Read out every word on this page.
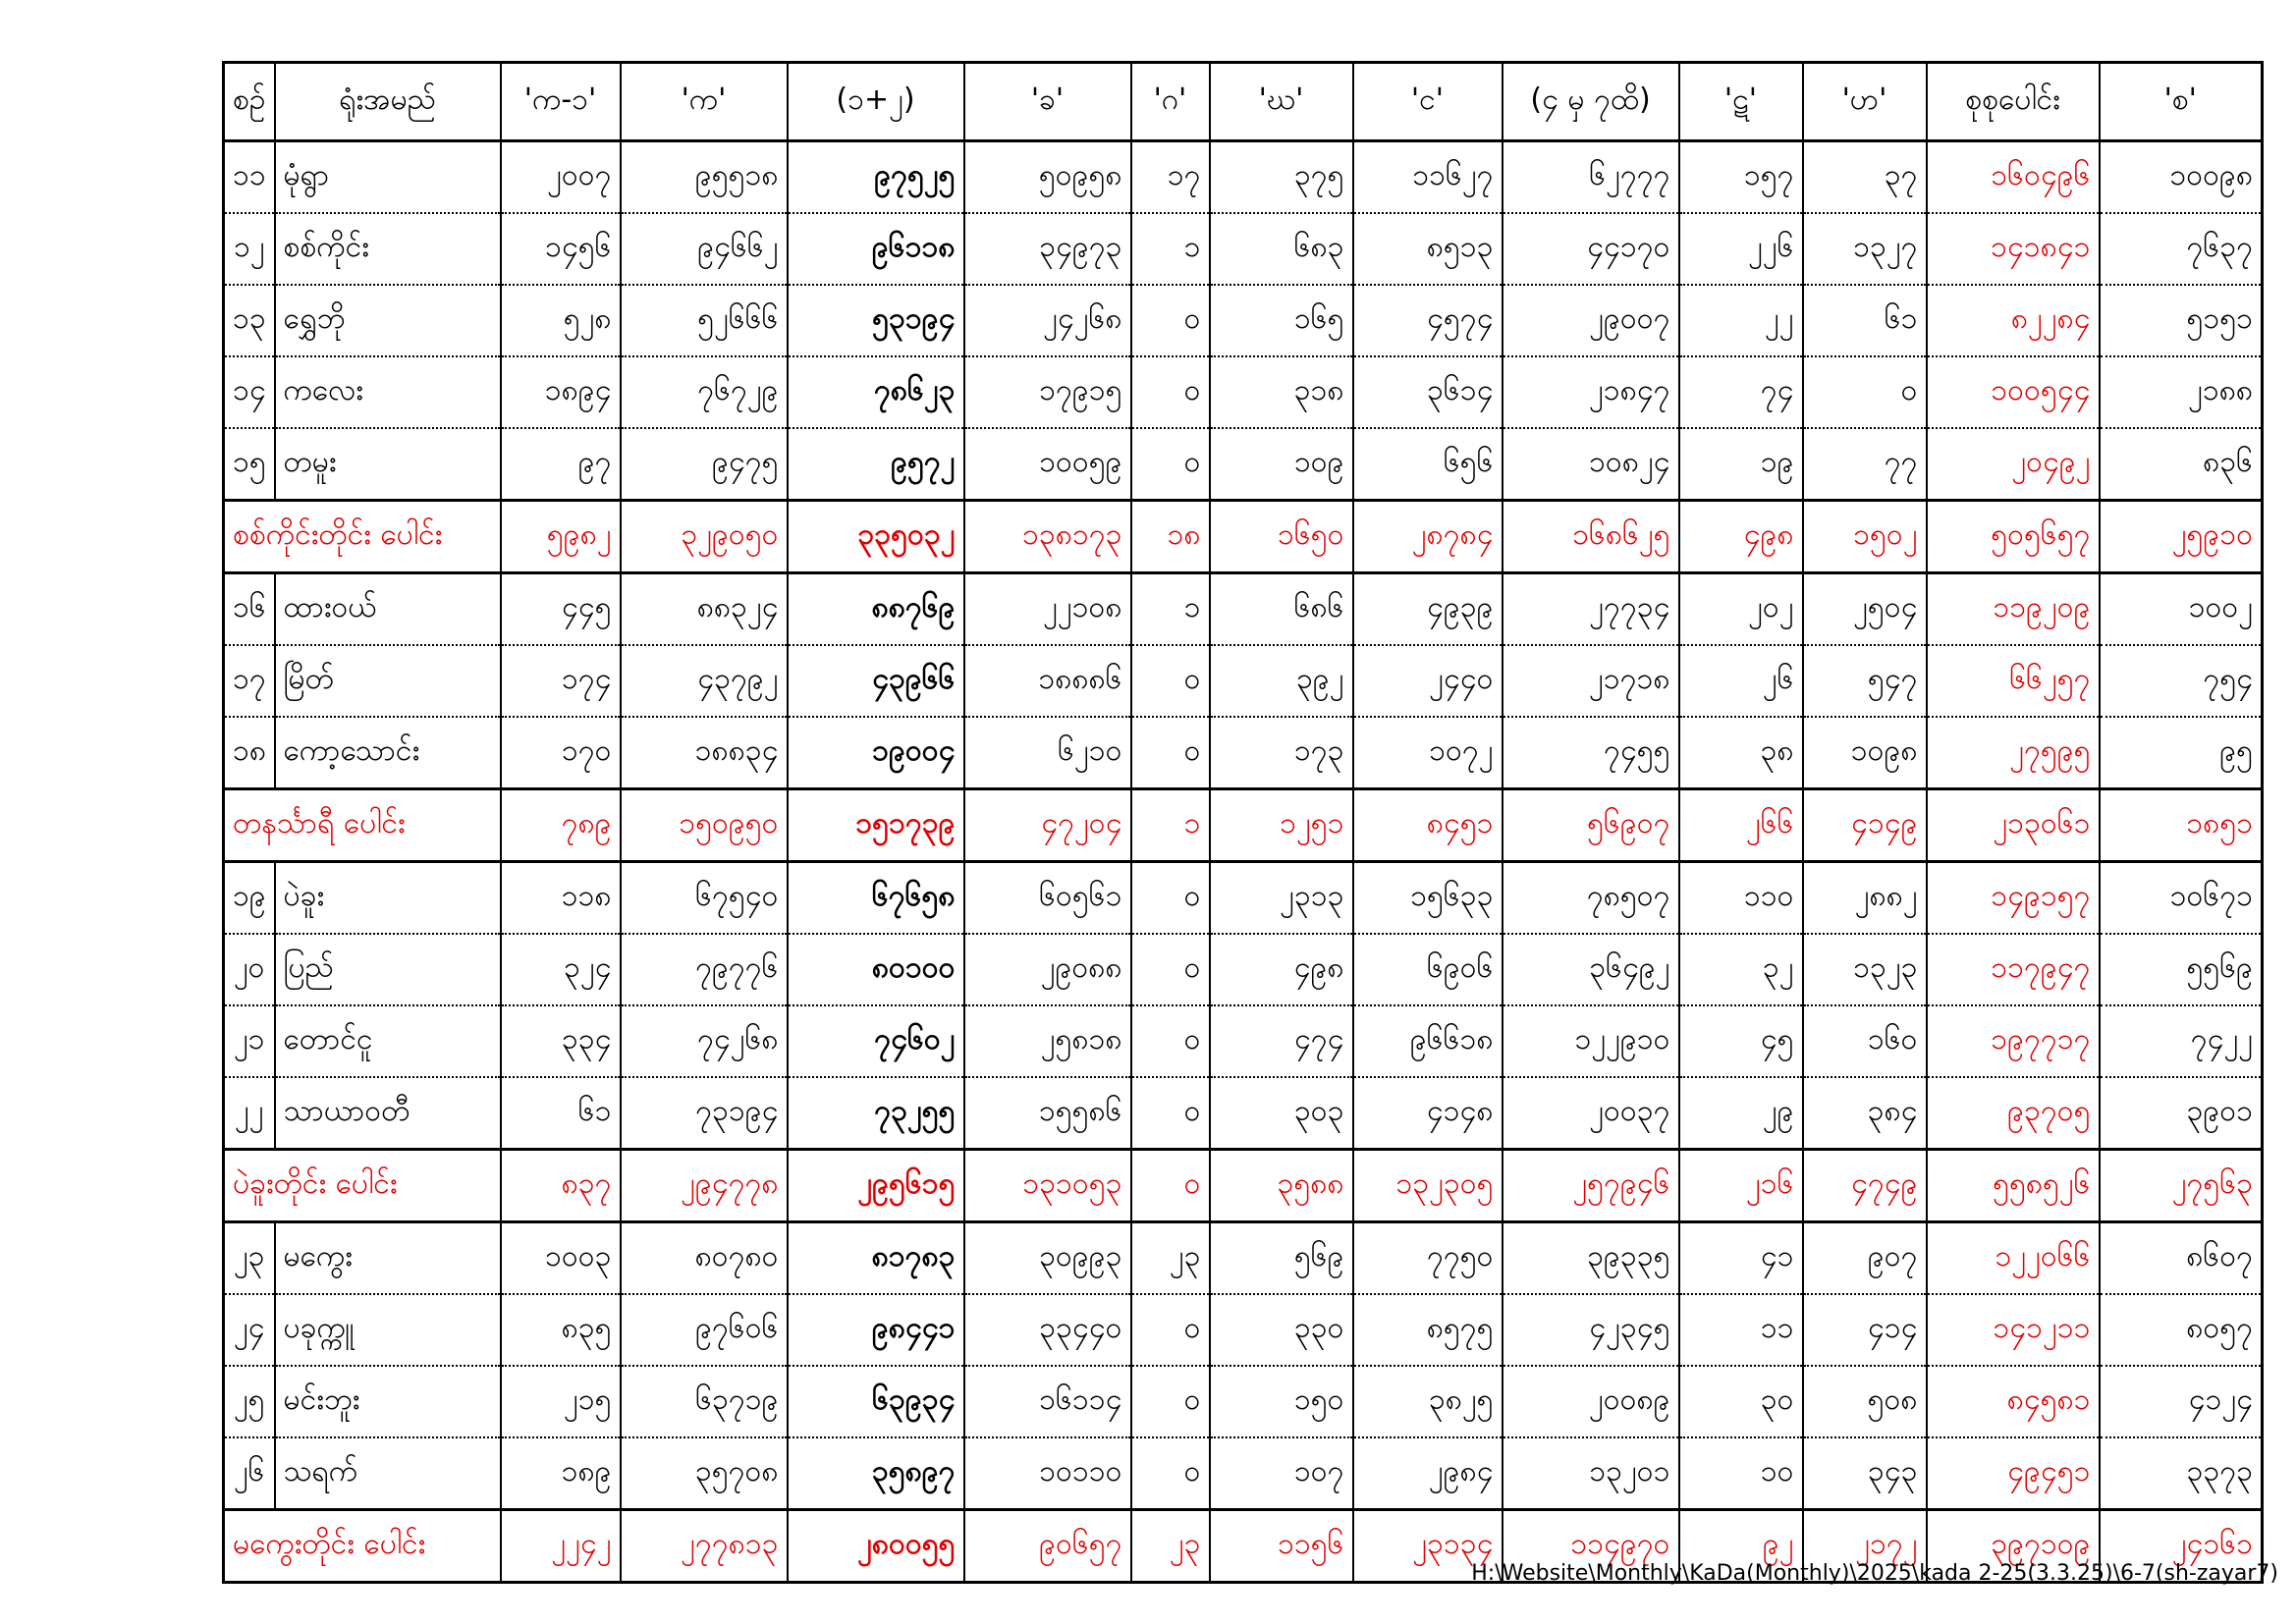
စဉ်	ရုံးအမည်	'က-၁'	'က'	(၁+၂)	'ခ'	'ဂ'	'ဃ'	'င'	(၄ မှ ၇ထိ)	'ဋ'	'ဟ'	စုစုပေါင်း	'စ'
၁၁	မုံရွာ	၂၀၀၇	၉၅၅၁၈	၉၇၅၂၅	၅၀၉၅၈	၁၇	၃၇၅	၁၁၆၂၇	၆၂၇၇၇	၁၅၇	၃၇	၁၆၀၄၉၆	၁၀၀၉၈
၁၂	စစ်ကိုင်း	၁၄၅၆	၉၄၆၆၂	၉၆၁၁၈	၃၄၉၇၃	၁	၆၈၃	၈၅၁၃	၄၄၁၇၀	၂၂၆	၁၃၂၇	၁၄၁၈၄၁	၇၆၃၇
၁၃	ရွှေဘို	၅၂၈	၅၂၆၆၆	၅၃၁၉၄	၂၄၂၆၈	၀	၁၆၅	၄၅၇၄	၂၉၀၀၇	၂၂	၆၁	၈၂၂၈၄	၅၁၅၁
၁၄	ကလေး	၁၈၉၄	၇၆၇၂၉	၇၈၆၂၃	၁၇၉၁၅	၀	၃၁၈	၃၆၁၄	၂၁၈၄၇	၇၄	၀	၁၀၀၅၄၄	၂၁၈၈
၁၅	တမူး	၉၇	၉၄၇၅	၉၅၇၂	၁၀၀၅၉	၀	၁၀၉	၆၅၆	၁၀၈၂၄	၁၉	၇၇	၂၀၄၉၂	၈၃၆
စစ်ကိုင်းတိုင်း ပေါင်း		၅၉၈၂	၃၂၉၀၅၀	၃၃၅၀၃၂	၁၃၈၁၇၃	၁၈	၁၆၅၀	၂၈၇၈၄	၁၆၈၆၂၅	၄၉၈	၁၅၀၂	၅၀၅၆၅၇	၂၅၉၁၀
၁၆	ထားဝယ်	၄၄၅	၈၈၃၂၄	၈၈၇၆၉	၂၂၁၀၈	၁	၆၈၆	၄၉၃၉	၂၇၇၃၄	၂၀၂	၂၅၀၄	၁၁၉၂၀၉	၁၀၀၂
၁၇	မြိတ်	၁၇၄	၄၃၇၉၂	၄၃၉၆၆	၁၈၈၈၆	၀	၃၉၂	၂၄၄၀	၂၁၇၁၈	၂၆	၅၄၇	၆၆၂၅၇	၇၅၄
၁၈	ကော့သောင်း	၁၇၀	၁၈၈၃၄	၁၉၀၀၄	၆၂၁၀	၀	၁၇၃	၁၀၇၂	၇၄၅၅	၃၈	၁၀၉၈	၂၇၅၉၅	၉၅
တနင်္သာရီ ပေါင်း		၇၈၉	၁၅၀၉၅၀	၁၅၁၇၃၉	၄၇၂၀၄	၁	၁၂၅၁	၈၄၅၁	၅၆၉၀၇	၂၆၆	၄၁၄၉	၂၁၃၀၆၁	၁၈၅၁
၁၉	ပဲခူး	၁၁၈	၆၇၅၄၀	၆၇၆၅၈	၆၀၅၆၁	၀	၂၃၁၃	၁၅၆၃၃	၇၈၅၀၇	၁၁၀	၂၈၈၂	၁၄၉၁၅၇	၁၀၆၇၁
၂၀	ပြည်	၃၂၄	၇၉၇၇၆	၈၀၁၀၀	၂၉၀၈၈	၀	၄၉၈	၆၉၀၆	၃၆၄၉၂	၃၂	၁၃၂၃	၁၁၇၉၄၇	၅၅၆၉
၂၁	တောင်ငူ	၃၃၄	၇၄၂၆၈	၇၄၆၀၂	၂၅၈၁၈	၀	၄၇၄	၉၆၆၁၈	၁၂၂၉၁၀	၄၅	၁၆၀	၁၉၇၇၁၇	၇၄၂၂
၂၂	သာယာဝတီ	၆၁	၇၃၁၉၄	၇၃၂၅၅	၁၅၅၈၆	၀	၃၀၃	၄၁၄၈	၂၀၀၃၇	၂၉	၃၈၄	၉၃၇၀၅	၃၉၀၁
ပဲခူးတိုင်း ပေါင်း		၈၃၇	၂၉၄၇၇၈	၂၉၅၆၁၅	၁၃၁၀၅၃	၀	၃၅၈၈	၁၃၂၃၀၅	၂၅၇၉၄၆	၂၁၆	၄၇၄၉	၅၅၈၅၂၆	၂၇၅၆၃
၂၃	မကွေး	၁၀၀၃	၈၀၇၈၀	၈၁၇၈၃	၃၀၉၉၃	၂၃	၅၆၉	၇၇၅၀	၃၉၃၃၅	၄၁	၉၀၇	၁၂၂၀၆၆	၈၆၀၇
၂၄	ပခုက္ကူ	၈၃၅	၉၇၆၀၆	၉၈၄၄၁	၃၃၄၄၀	၀	၃၃၀	၈၅၇၅	၄၂၃၄၅	၁၁	၄၁၄	၁၄၁၂၁၁	၈၀၅၇
၂၅	မင်းဘူး	၂၁၅	၆၃၇၁၉	၆၃၉၃၄	၁၆၁၁၄	၀	၁၅၀	၃၈၂၅	၂၀၀၈၉	၃၀	၅၀၈	၈၄၅၈၁	၄၁၂၄
၂၆	သရက်	၁၈၉	၃၅၇၀၈	၃၅၈၉၇	၁၀၁၁၀	၀	၁၀၇	၂၉၈၄	၁၃၂၀၁	၁၀	၃၄၃	၄၉၄၅၁	၃၃၇၃
မကွေးတိုင်း ပေါင်း		၂၂၄၂	၂၇၇၈၁၃	၂၈၀၀၅၅	၉၀၆၅၇	၂၃	၁၁၅၆	၂၃၁၃၄	၁၁၄၉၇၀	၉၂	၂၁၇၂	၃၉၇၁၀၉	၂၄၁၆၁
H:\Website\Monthly\KaDa(Monthly)\2025\kada 2-25(3.3.25)\6-7(sh-zayar7)
